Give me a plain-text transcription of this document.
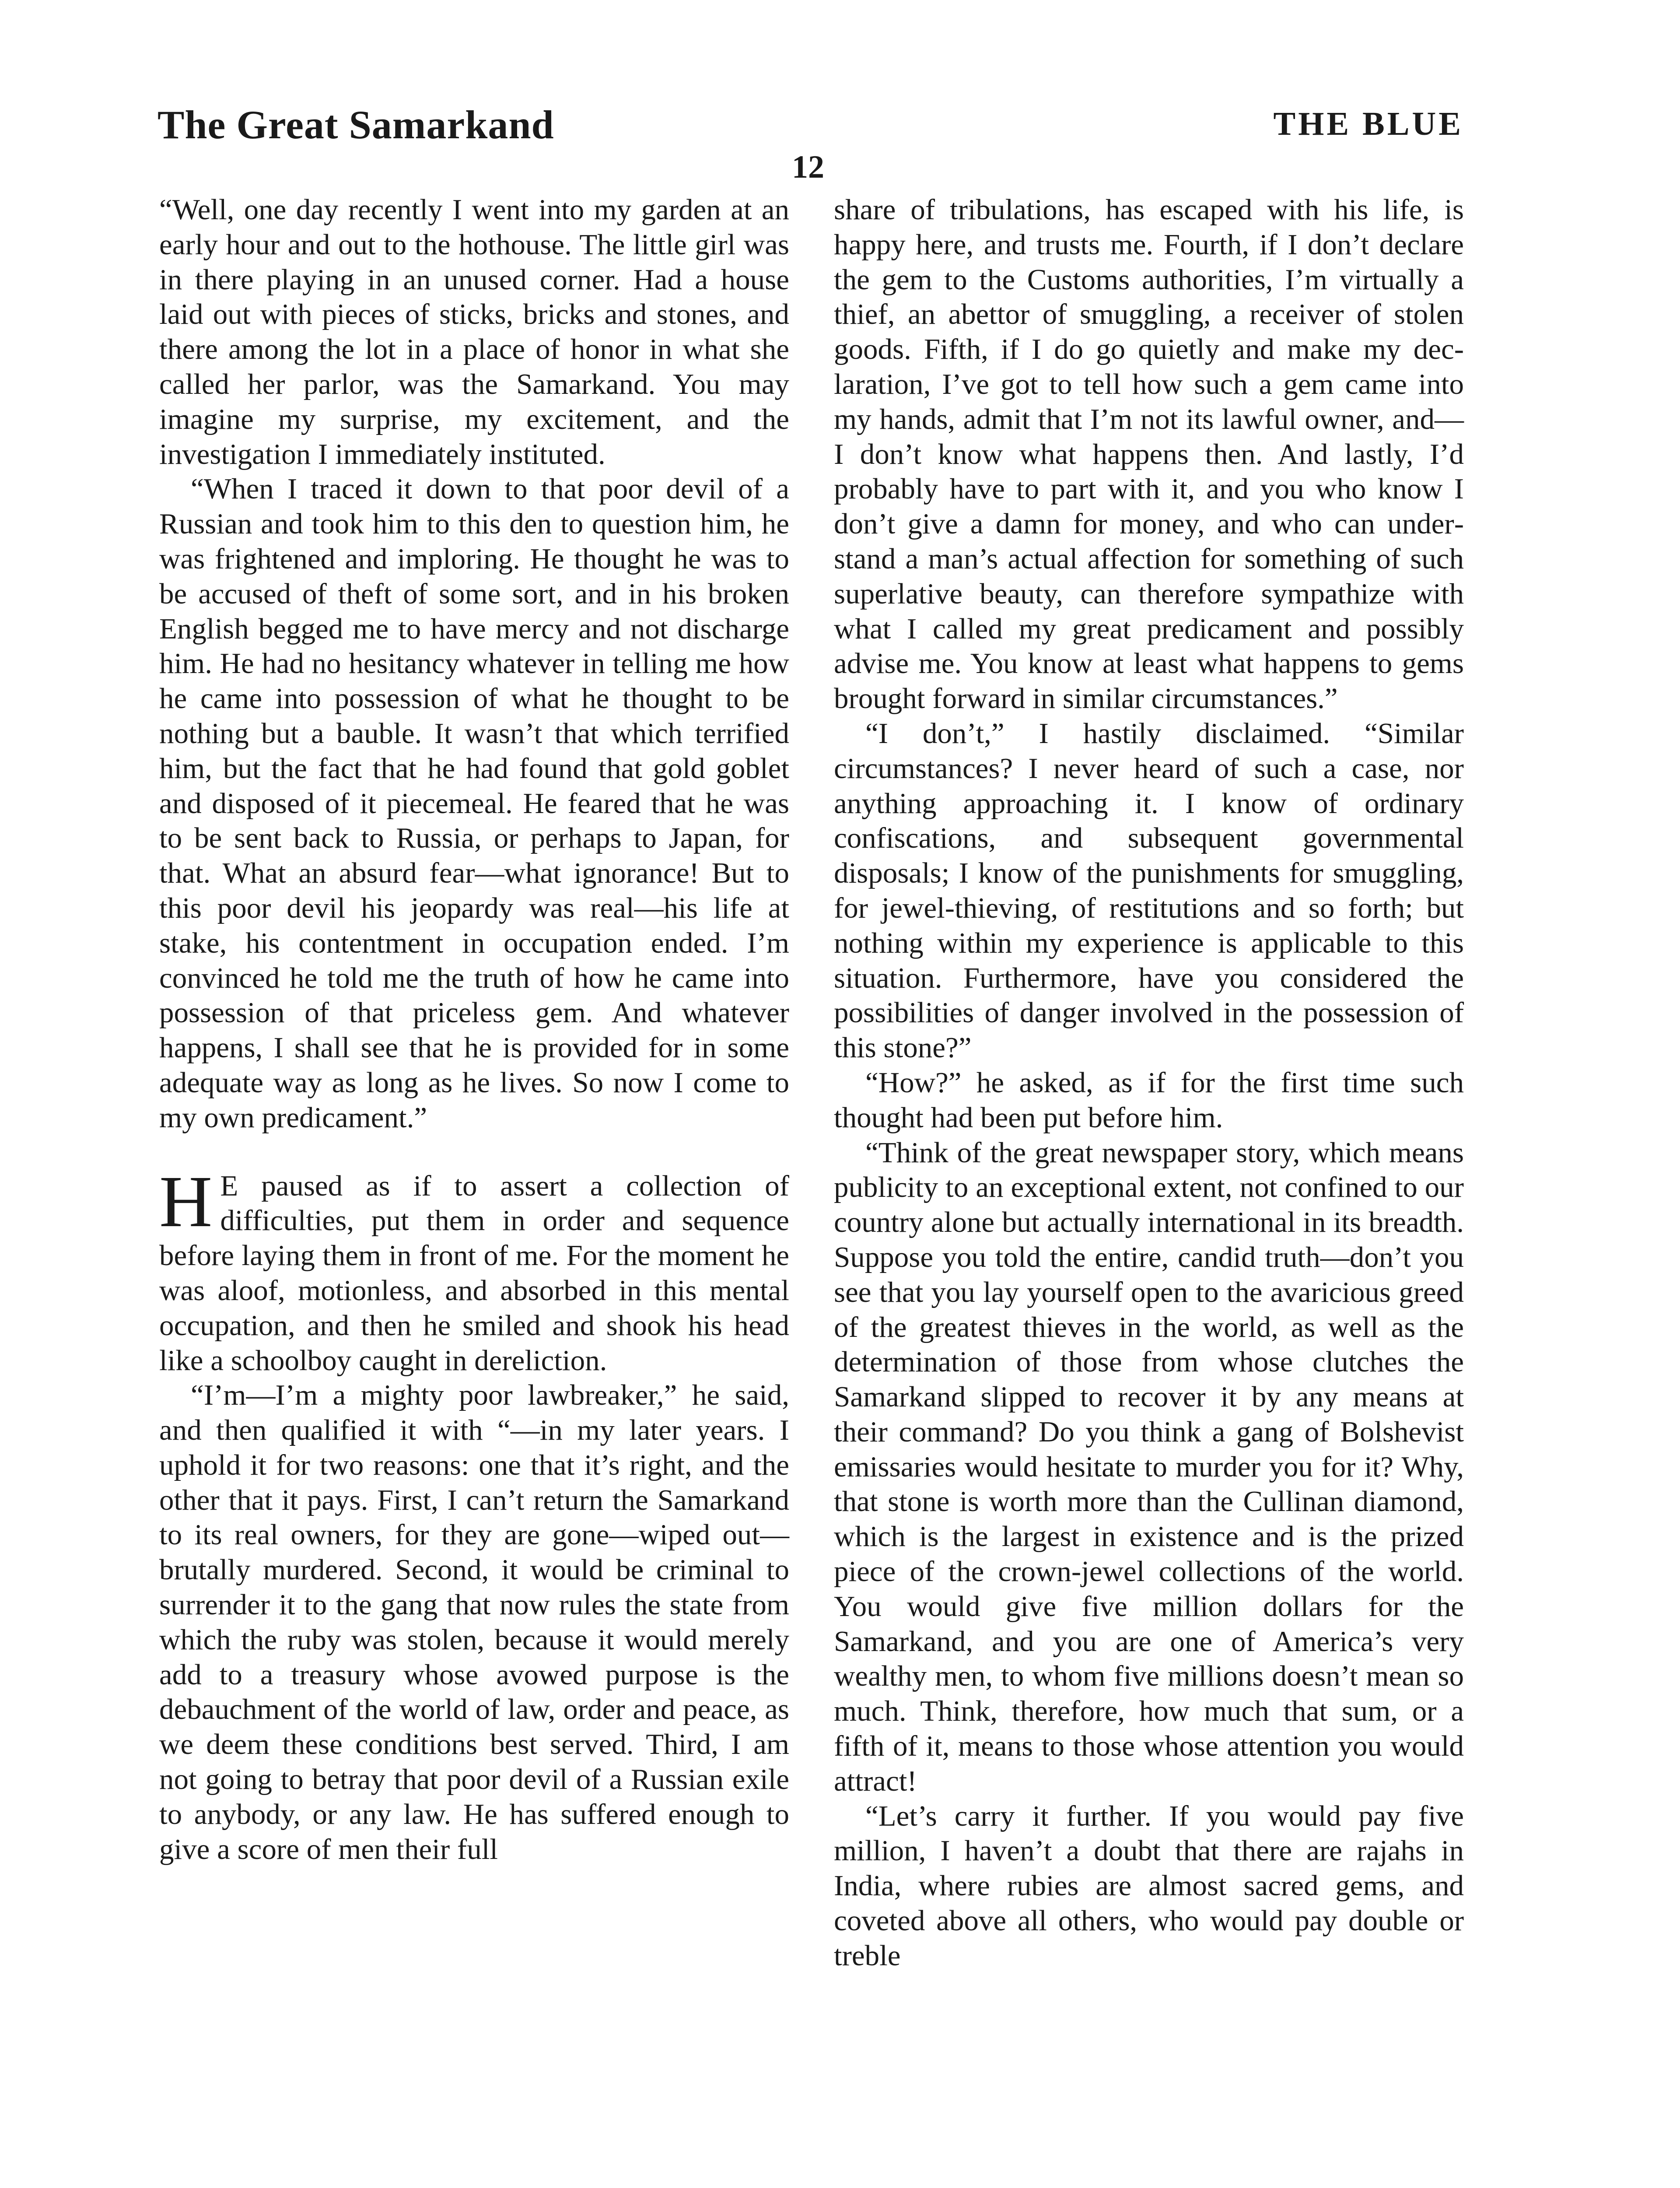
The Great Samarkand	THE BLUE
12

“Well, one day recently I went into my garden at an early hour and out to the hothouse. The little girl was in there playing in an unused corner. Had a house laid out with pieces of sticks, bricks and stones, and there among the lot in a place of honor in what she called her parlor, was the Samarkand. You may imagine my surprise, my excitement, and the investigation I immediately instituted.

“When I traced it down to that poor devil of a Russian and took him to this den to question him, he was frightened and imploring. He thought he was to be accused of theft of some sort, and in his broken English begged me to have mercy and not discharge him. He had no hesitancy whatever in telling me how he came into possession of what he thought to be nothing but a bauble. It wasn’t that which terrified him, but the fact that he had found that gold goblet and disposed of it piecemeal. He feared that he was to be sent back to Russia, or perhaps to Japan, for that. What an absurd fear—what ignorance! But to this poor devil his jeopardy was real—his life at stake, his contentment in occupation ended. I’m convinced he told me the truth of how he came into possession of that priceless gem. And whatever happens, I shall see that he is provided for in some adequate way as long as he lives. So now I come to my own predicament.”

H E paused as if to assert a collection of difficulties, put them in order and sequence before laying them in front of me. For the moment he was aloof, motionless, and absorbed in this mental occupation, and then he smiled and shook his head like a schoolboy caught in dereliction.

“I’m—I’m a mighty poor lawbreaker,” he said, and then qualified it with “—in my later years. I uphold it for two reasons: one that it’s right, and the other that it pays. First, I can’t return the Samarkand to its real owners, for they are gone—wiped out—brutally murdered. Second, it would be criminal to surrender it to the gang that now rules the state from which the ruby was stolen, because it would merely add to a treasury whose avowed purpose is the debauchment of the world of law, order and peace, as we deem these conditions best served. Third, I am not going to betray that poor devil of a Russian exile to anybody, or any law. He has suffered enough to give a score of men their full

share of tribulations, has escaped with his life, is happy here, and trusts me. Fourth, if I don’t declare the gem to the Customs authorities, I’m virtually a thief, an abettor of smuggling, a receiver of stolen goods. Fifth, if I do go quietly and make my declaration, I’ve got to tell how such a gem came into my hands, admit that I’m not its lawful owner, and—I don’t know what happens then. And lastly, I’d probably have to part with it, and you who know I don’t give a damn for money, and who can understand a man’s actual affection for something of such superlative beauty, can therefore sympathize with what I called my great predicament and possibly advise me. You know at least what happens to gems brought forward in similar circumstances.”

“I don’t,” I hastily disclaimed. “Similar circumstances? I never heard of such a case, nor anything approaching it. I know of ordinary confiscations, and subsequent governmental disposals; I know of the punishments for smuggling, for jewel-thieving, of restitutions and so forth; but nothing within my experience is applicable to this situation. Furthermore, have you considered the possibilities of danger involved in the possession of this stone?”

“How?” he asked, as if for the first time such thought had been put before him.

“Think of the great newspaper story, which means publicity to an exceptional extent, not confined to our country alone but actually international in its breadth. Suppose you told the entire, candid truth—don’t you see that you lay yourself open to the avaricious greed of the greatest thieves in the world, as well as the determination of those from whose clutches the Samarkand slipped to recover it by any means at their command? Do you think a gang of Bolshevist emissaries would hesitate to murder you for it? Why, that stone is worth more than the Cullinan diamond, which is the largest in existence and is the prized piece of the crown-jewel collections of the world. You would give five million dollars for the Samarkand, and you are one of America’s very wealthy men, to whom five millions doesn’t mean so much. Think, therefore, how much that sum, or a fifth of it, means to those whose attention you would attract!

“Let’s carry it further. If you would pay five million, I haven’t a doubt that there are rajahs in India, where rubies are almost sacred gems, and coveted above all others, who would pay double or treble
